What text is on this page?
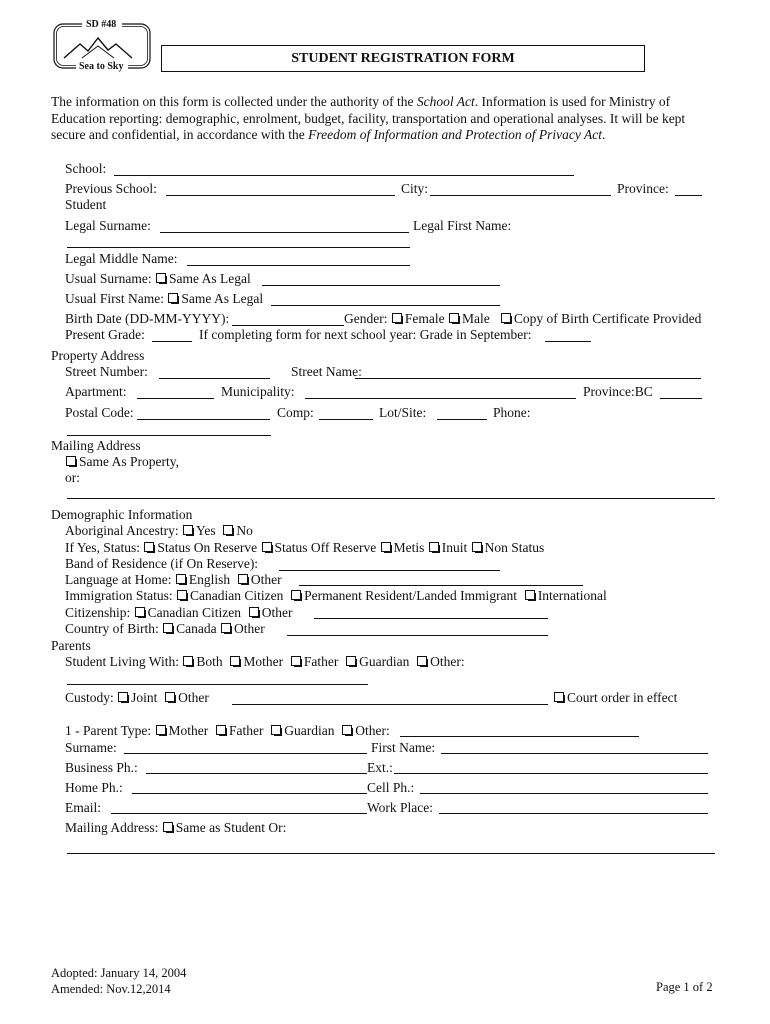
SD #48
Sea to Sky
STUDENT REGISTRATION FORM
The information on this form is collected under the authority of the School Act. Information is used for Ministry of Education reporting: demographic, enrolment, budget, facility, transportation and operational analyses. It will be kept secure and confidential, in accordance with the Freedom of Information and Protection of Privacy Act.
School:
Previous School:	City:	Province:
Student
Legal Surname:	Legal First Name:
Legal Middle Name:
Usual Surname: Same As Legal
Usual First Name: Same As Legal
Birth Date (DD-MM-YYYY):	Gender: Female Male Copy of Birth Certificate Provided
Present Grade:	If completing form for next school year: Grade in September:
Property Address
Street Number:	Street Name:
Apartment:	Municipality:	Province:BC
Postal Code:	Comp:	Lot/Site:	Phone:
Mailing Address
Same As Property,
or:
Demographic Information
Aboriginal Ancestry: Yes No
If Yes, Status: Status On Reserve Status Off Reserve Metis Inuit Non Status
Band of Residence (if On Reserve):
Language at Home: English Other
Immigration Status: Canadian Citizen Permanent Resident/Landed Immigrant International
Citizenship: Canadian Citizen Other
Country of Birth: Canada Other
Parents
Student Living With: Both Mother Father Guardian Other:
Custody: Joint Other	Court order in effect
1 - Parent Type: Mother Father Guardian Other:
Surname:	First Name:
Business Ph.:	Ext.:
Home Ph.:	Cell Ph.:
Email:	Work Place:
Mailing Address: Same as Student Or:
Adopted: January 14, 2004
Amended: Nov.12,2014	Page 1 of 2
